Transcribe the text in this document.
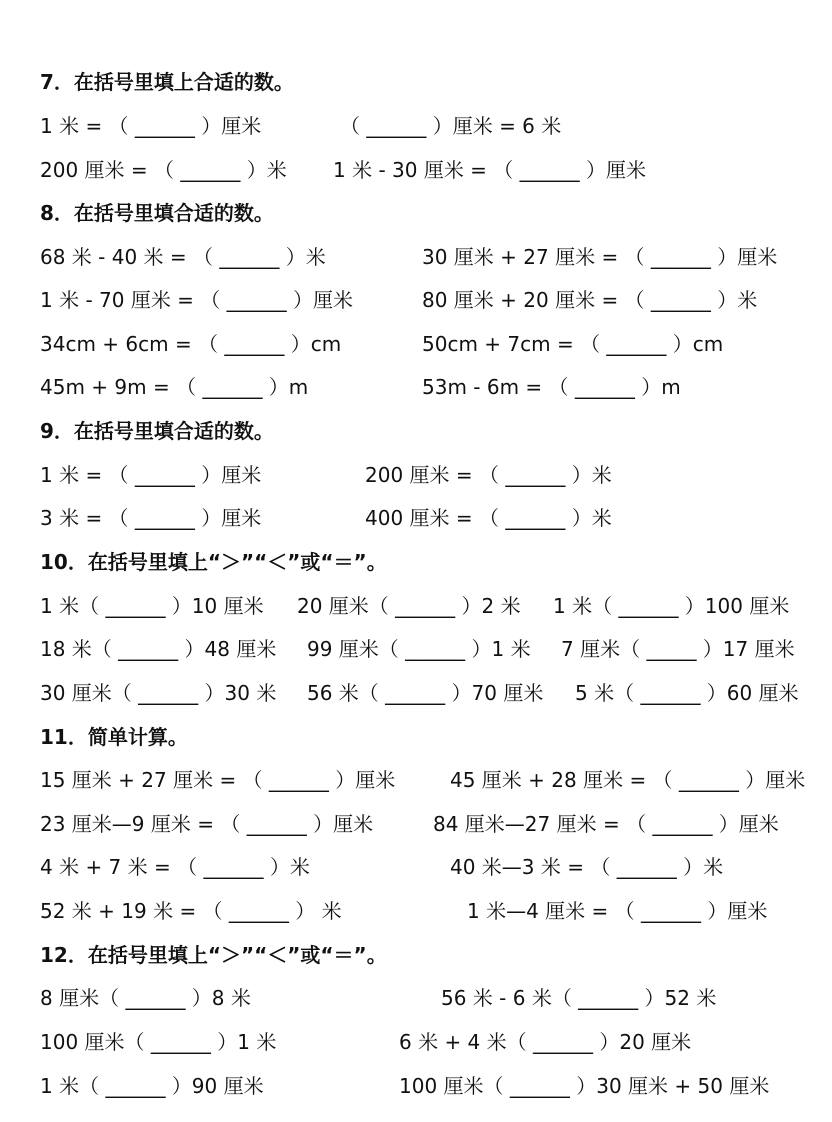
7．在括号里填上合适的数。
1 米 = （ ______ ）厘米	（ ______ ）厘米 = 6 米
200 厘米 = （ ______ ）米 1 米 - 30 厘米 = （ ______ ）厘米
8．在括号里填合适的数。
68 米 - 40 米 = （ ______ ）米	30 厘米 + 27 厘米 = （ ______ ）厘米
1 米 - 70 厘米 = （ ______ ）厘米	80 厘米 + 20 厘米 = （ ______ ）米
34cm + 6cm = （ ______ ）cm	50cm + 7cm = （ ______ ）cm
45m + 9m = （ ______ ）m	53m - 6m = （ ______ ）m
9．在括号里填合适的数。
1 米 = （ ______ ）厘米	200 厘米 = （ ______ ）米
3 米 = （ ______ ）厘米	400 厘米 = （ ______ ）米
10．在括号里填上“＞”“＜”或“＝”。
1 米（ ______ ）10 厘米 20 厘米（ ______ ）2 米 1 米（ ______ ）100 厘米
18 米（ ______ ）48 厘米 99 厘米（ ______ ）1 米 7 厘米（ _____ ）17 厘米
30 厘米（ ______ ）30 米 56 米（ ______ ）70 厘米 5 米（ ______ ）60 厘米
11．简单计算。
15 厘米 + 27 厘米 = （ ______ ）厘米	45 厘米 + 28 厘米 = （ ______ ）厘米
23 厘米—9 厘米 = （ ______ ）厘米	84 厘米—27 厘米 = （ ______ ）厘米
4 米 + 7 米 = （ ______ ）米	40 米—3 米 = （ ______ ）米
52 米 + 19 米 = （ ______ ） 米	1 米—4 厘米 = （ ______ ）厘米
12．在括号里填上“＞”“＜”或“＝”。
8 厘米（ ______ ）8 米	56 米 - 6 米（ ______ ）52 米
100 厘米（ ______ ）1 米	6 米 + 4 米（ ______ ）20 厘米
1 米（ ______ ）90 厘米	100 厘米（ ______ ）30 厘米 + 50 厘米
